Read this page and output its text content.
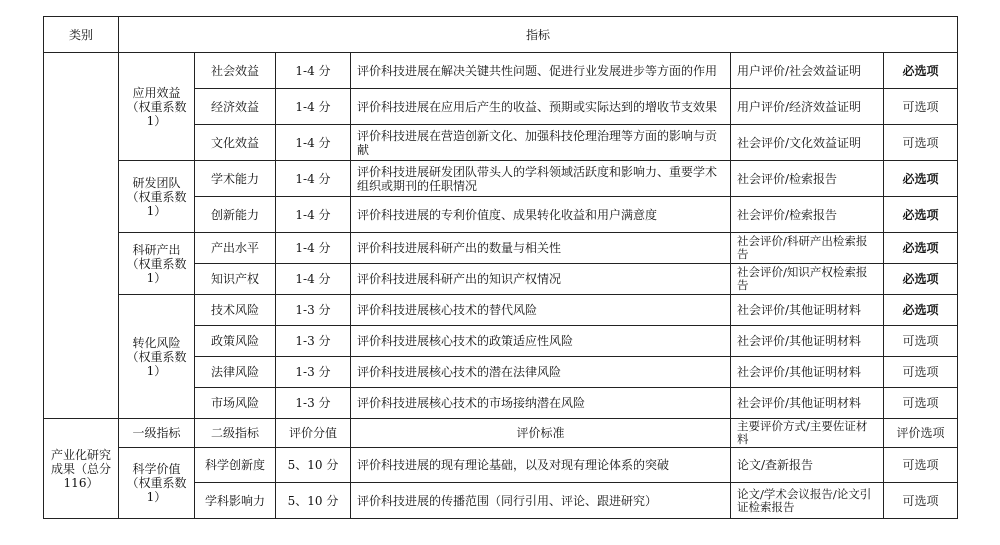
类别	指标					
	应用效益（权重系数 1）	社会效益	1-4 分	评价科技进展在解决关键共性问题、促进行业发展进步等方面的作用	用户评价/社会效益证明	必选项
		经济效益	1-4 分	评价科技进展在应用后产生的收益、预期或实际达到的增收节支效果	用户评价/经济效益证明	可选项
		文化效益	1-4 分	评价科技进展在营造创新文化、加强科技伦理治理等方面的影响与贡献	社会评价/文化效益证明	可选项
	研发团队（权重系数 1）	学术能力	1-4 分	评价科技进展研发团队带头人的学科领域活跃度和影响力、重要学术组织或期刊的任职情况	社会评价/检索报告	必选项
		创新能力	1-4 分	评价科技进展的专利价值度、成果转化收益和用户满意度	社会评价/检索报告	必选项
	科研产出（权重系数 1）	产出水平	1-4 分	评价科技进展科研产出的数量与相关性	社会评价/科研产出检索报告	必选项
		知识产权	1-4 分	评价科技进展科研产出的知识产权情况	社会评价/知识产权检索报告	必选项
	转化风险（权重系数 1）	技术风险	1-3 分	评价科技进展核心技术的替代风险	社会评价/其他证明材料	必选项
		政策风险	1-3 分	评价科技进展核心技术的政策适应性风险	社会评价/其他证明材料	可选项
		法律风险	1-3 分	评价科技进展核心技术的潜在法律风险	社会评价/其他证明材料	可选项
		市场风险	1-3 分	评价科技进展核心技术的市场接纳潜在风险	社会评价/其他证明材料	可选项
产业化研究成果（总分 116）	一级指标	二级指标	评价分值	评价标准	主要评价方式/主要佐证材料	评价选项
	科学价值（权重系数 1）	科学创新度	5、10 分	评价科技进展的现有理论基础，以及对现有理论体系的突破	论文/查新报告	可选项
		学科影响力	5、10 分	评价科技进展的传播范围（同行引用、评论、跟进研究）	论文/学术会议报告/论文引证检索报告	可选项
